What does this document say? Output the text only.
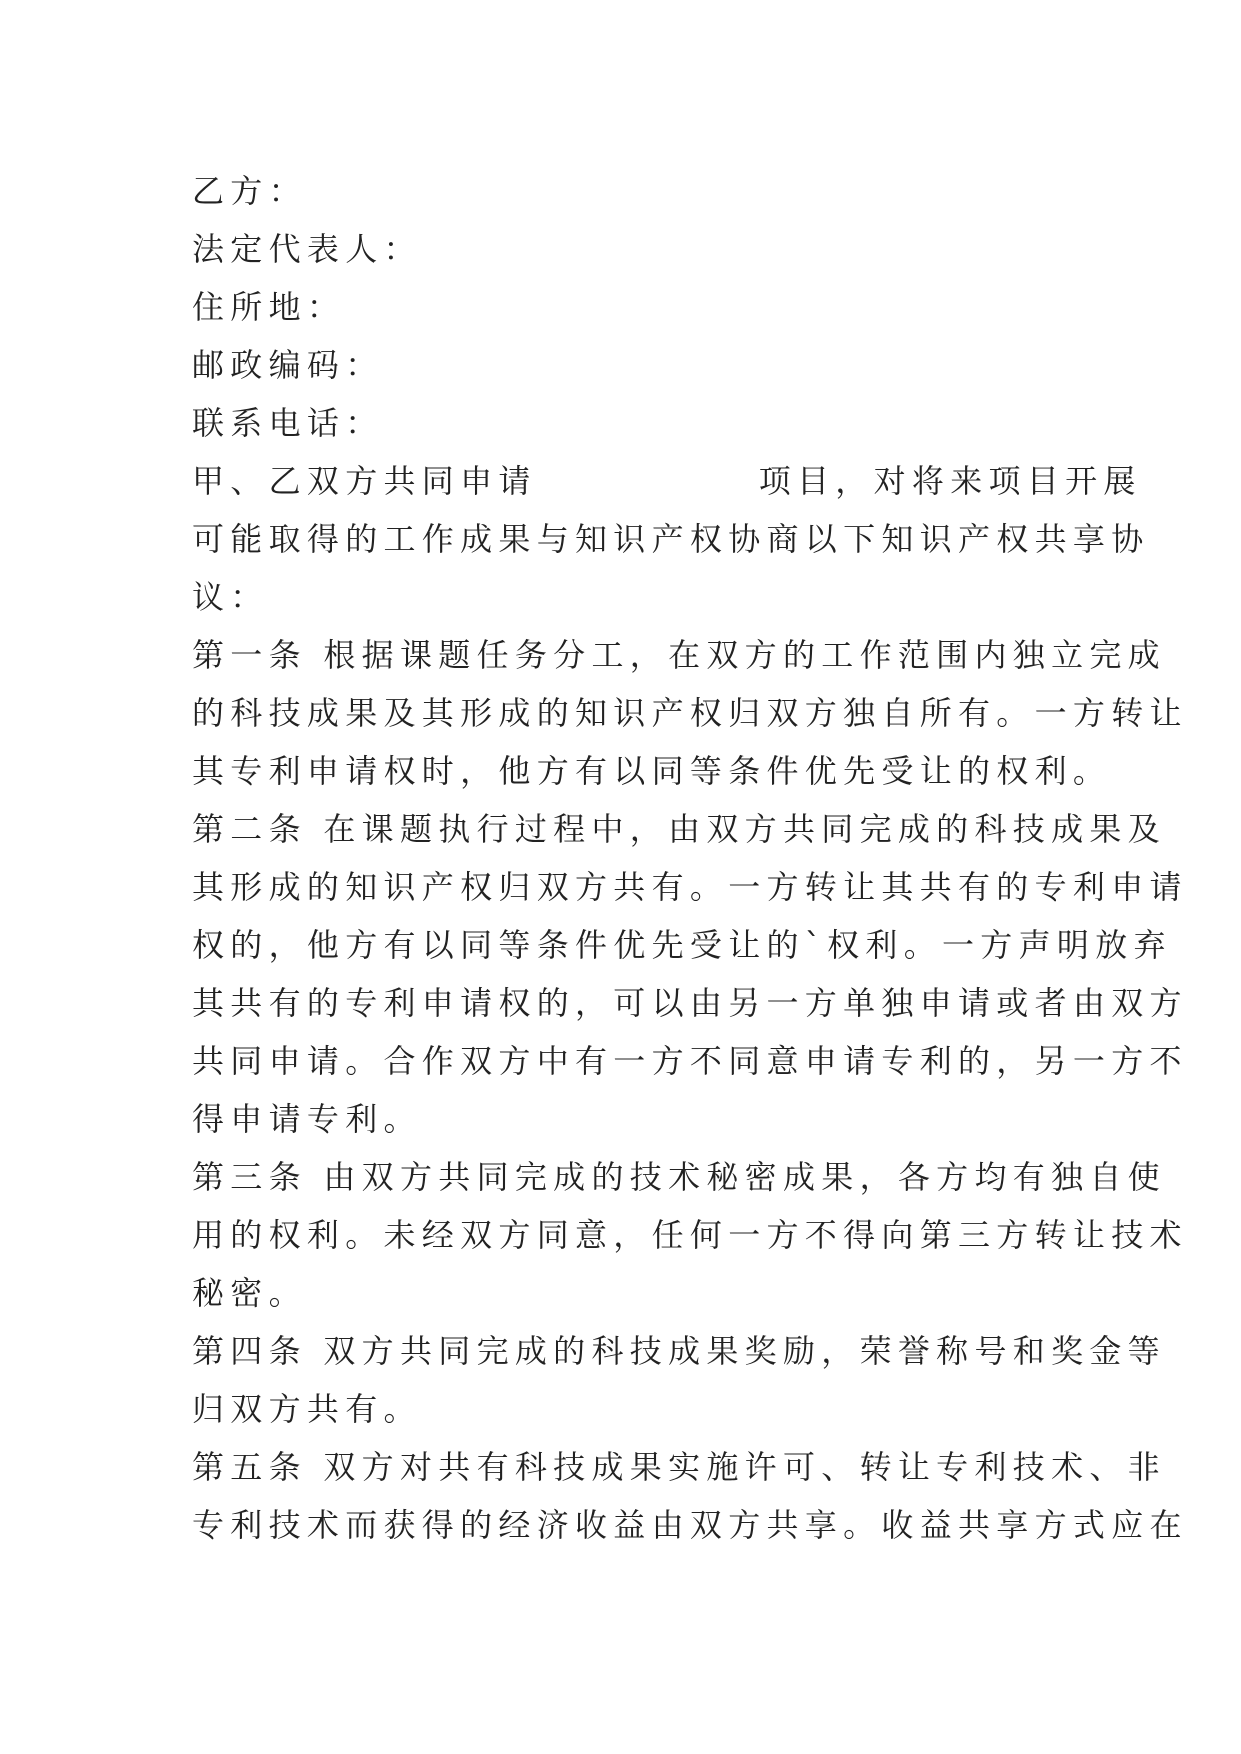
乙方：
法定代表人：
住所地：
邮政编码：
联系电话：
甲、乙双方共同申请	项目，对将来项目开展
可能取得的工作成果与知识产权协商以下知识产权共享协
议：
第一条 根据课题任务分工，在双方的工作范围内独立完成
的科技成果及其形成的知识产权归双方独自所有。一方转让
其专利申请权时，他方有以同等条件优先受让的权利。
第二条 在课题执行过程中，由双方共同完成的科技成果及
其形成的知识产权归双方共有。一方转让其共有的专利申请
权的，他方有以同等条件优先受让的`权利。一方声明放弃
其共有的专利申请权的，可以由另一方单独申请或者由双方
共同申请。合作双方中有一方不同意申请专利的，另一方不
得申请专利。
第三条 由双方共同完成的技术秘密成果，各方均有独自使
用的权利。未经双方同意，任何一方不得向第三方转让技术
秘密。
第四条 双方共同完成的科技成果奖励，荣誉称号和奖金等
归双方共有。
第五条 双方对共有科技成果实施许可、转让专利技术、非
专利技术而获得的经济收益由双方共享。收益共享方式应在
